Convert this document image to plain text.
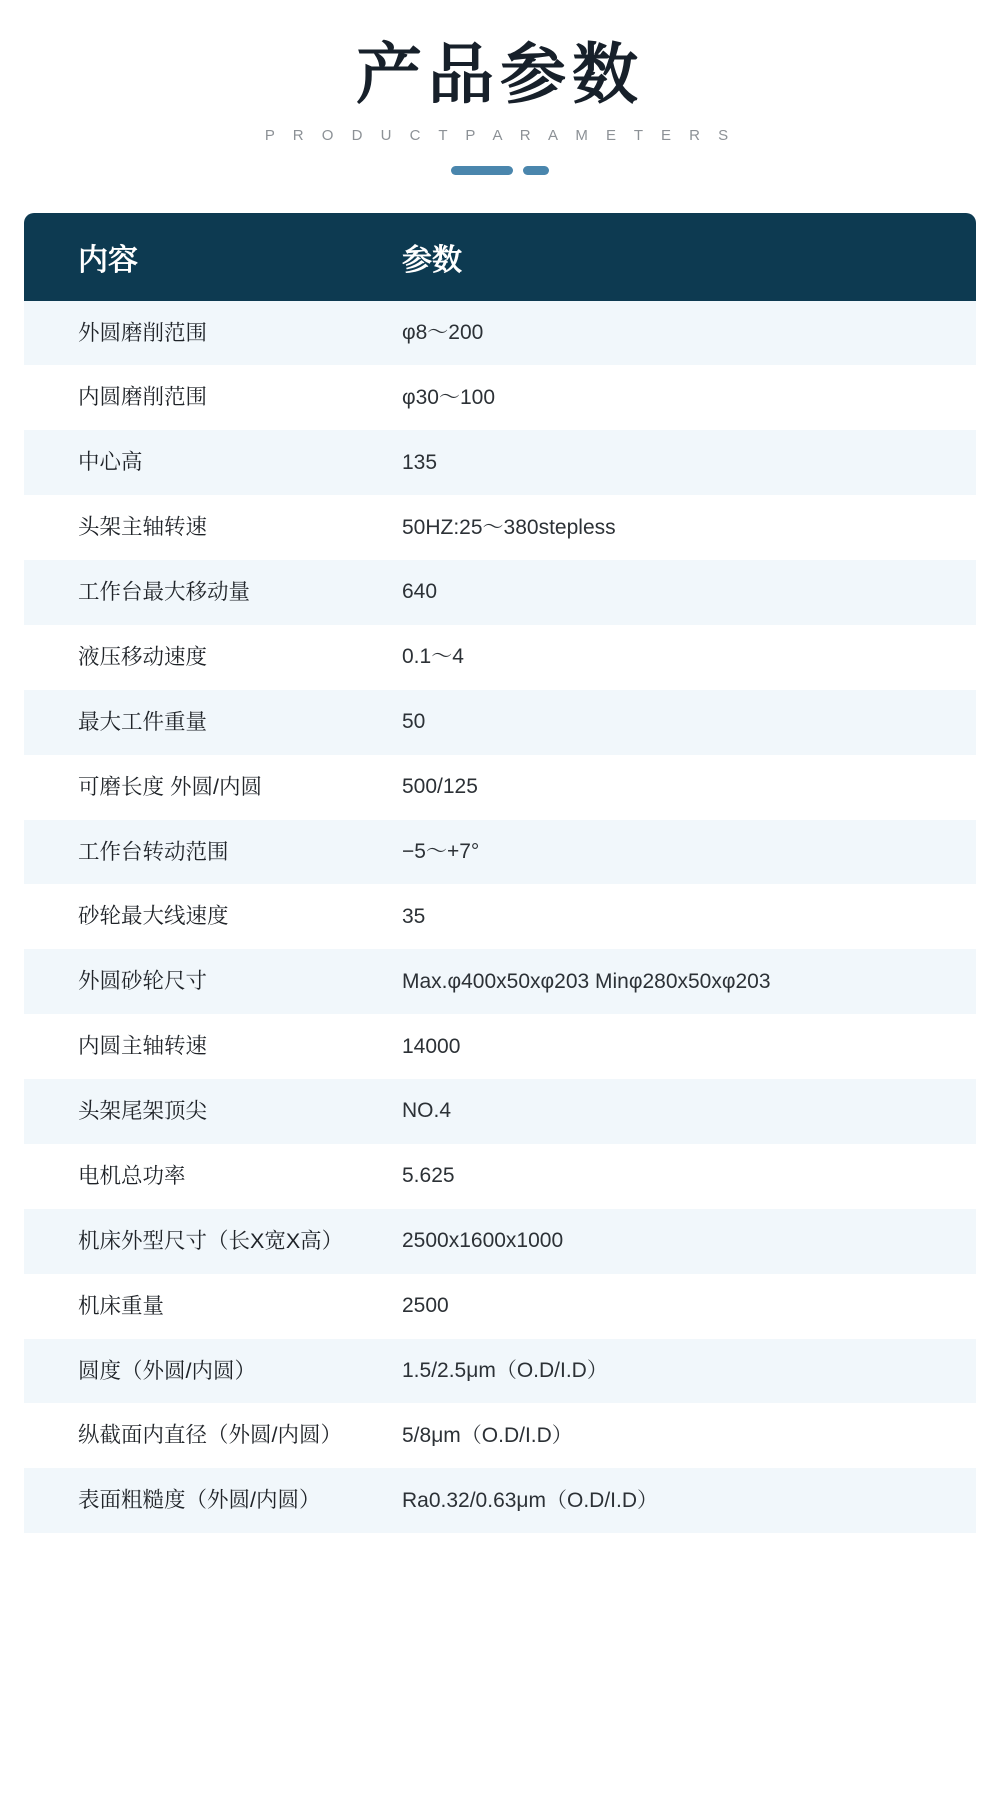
产品参数
P R O D U C T P A R A M E T E R S
内容	参数
外圆磨削范围	φ8～200
内圆磨削范围	φ30～100
中心高	135
头架主轴转速	50HZ:25～380stepless
工作台最大移动量	640
液压移动速度	0.1～4
最大工件重量	50
可磨长度 外圆/内圆	500/125
工作台转动范围	−5～+7°
砂轮最大线速度	35
外圆砂轮尺寸	Max.φ400x50xφ203 Minφ280x50xφ203
内圆主轴转速	14000
头架尾架顶尖	NO.4
电机总功率	5.625
机床外型尺寸（长X宽X高）	2500x1600x1000
机床重量	2500
圆度（外圆/内圆）	1.5/2.5μm（O.D/I.D）
纵截面内直径（外圆/内圆）	5/8μm（O.D/I.D）
表面粗糙度（外圆/内圆）	Ra0.32/0.63μm（O.D/I.D）
